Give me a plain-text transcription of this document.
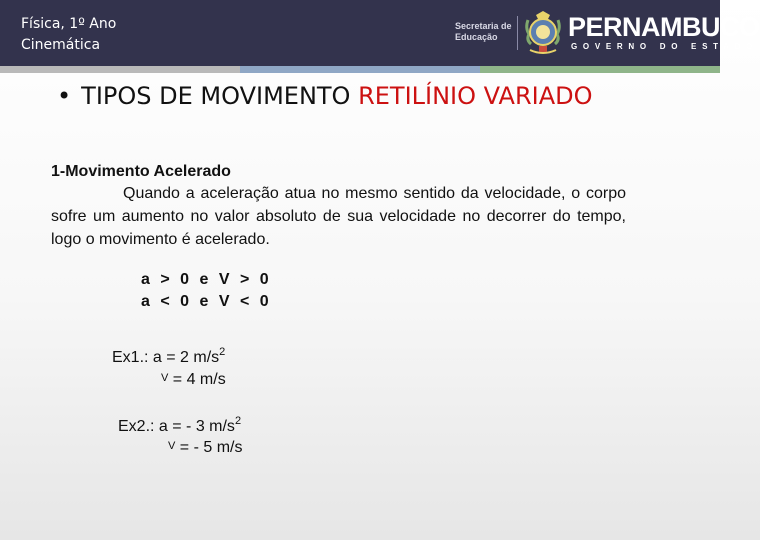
Física, 1º Ano
Cinemática
Secretaria de
Educação	PERNAMBUCO
GOVERNO DO ESTADO
• TIPOS DE MOVIMENTO RETILÍNIO VARIADO
1-Movimento Acelerado
Quando a aceleração atua no mesmo sentido da velocidade, o corpo sofre um aumento no valor absoluto de sua velocidade no decorrer do tempo, logo o movimento é acelerado.
a > 0 e V > 0
a < 0 e V < 0
Ex1.: a = 2 $m/s^2$
V = 4 m/s
Ex2.: a = - 3 $m/s^2$
V = - 5 m/s
